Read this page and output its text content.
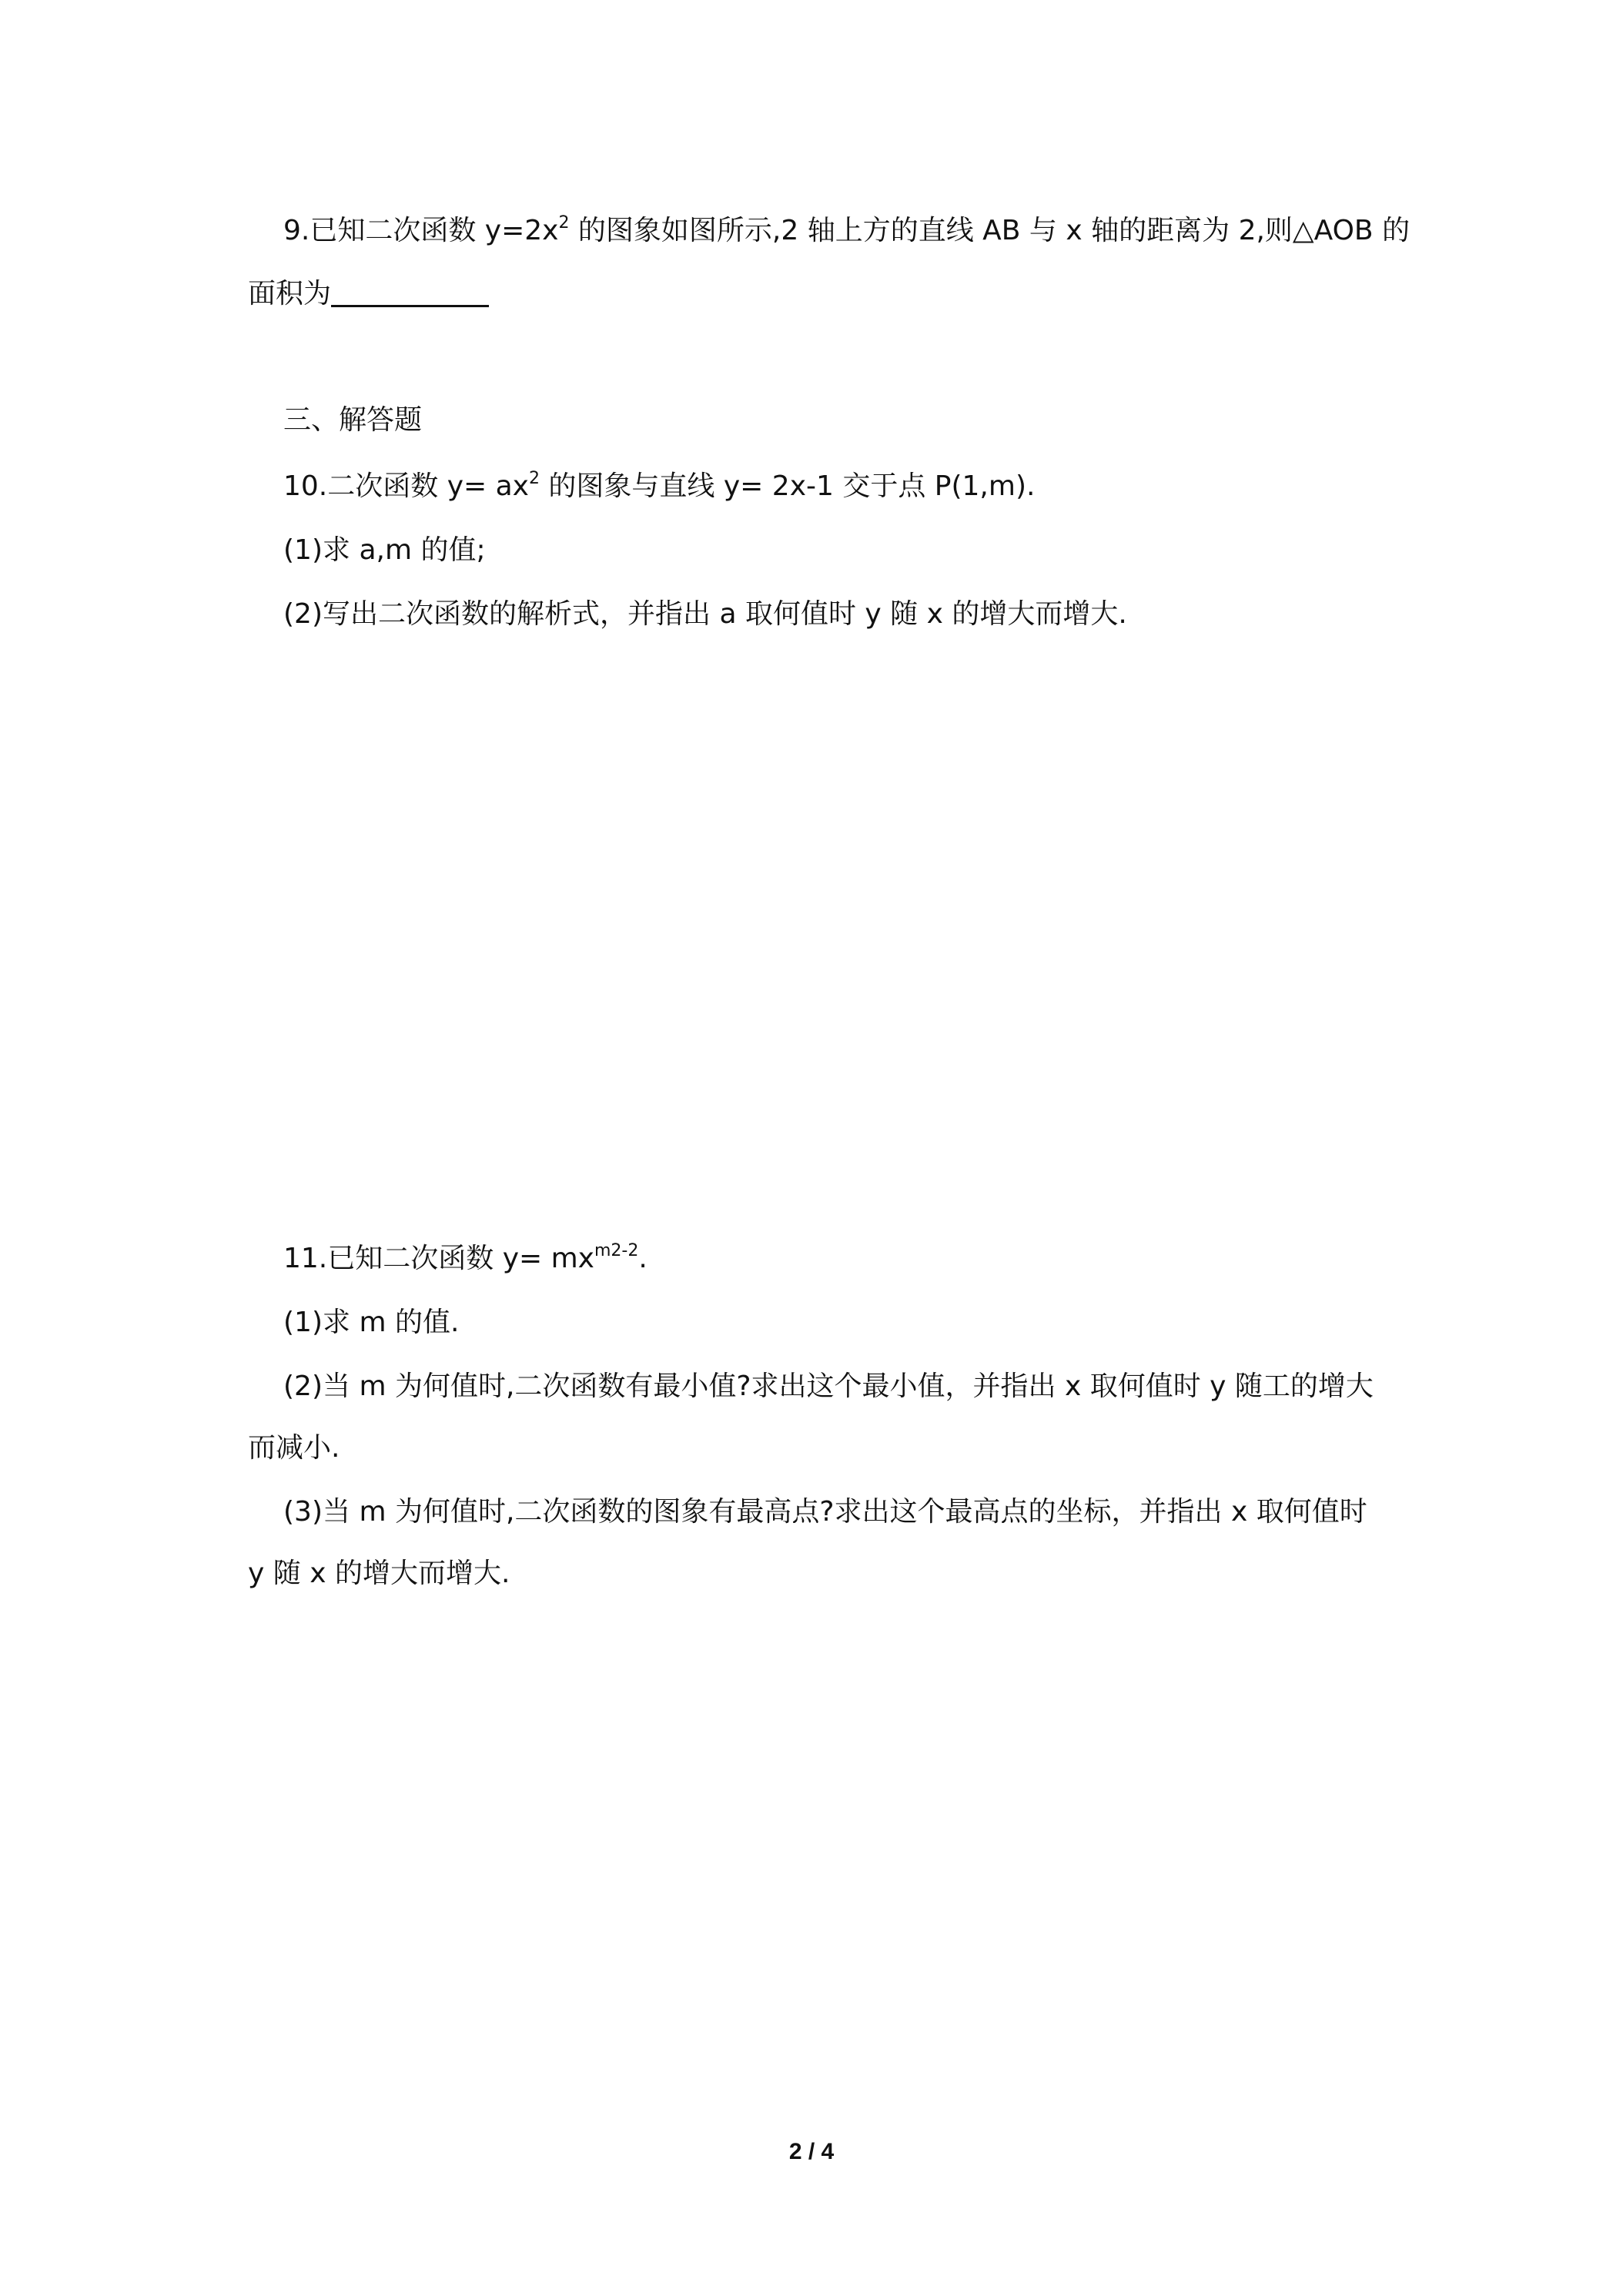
9.已知二次函数 $y=2x^2$ 的图象如图所示,2 轴上方的直线 AB 与 x 轴的距离为 2,则△AOB 的
面积为
三、解答题
10.二次函数 $y= ax^2$ 的图象与直线 y= 2x-1 交于点 P(1,m).
(1)求 a,m 的值;
(2)写出二次函数的解析式，并指出 a 取何值时 y 随 x 的增大而增大.
11.已知二次函数 $y= mx^{m2-2}$.
(1)求 m 的值.
(2)当 m 为何值时,二次函数有最小值?求出这个最小值，并指出 x 取何值时 y 随工的增大
而减小.
(3)当 m 为何值时,二次函数的图象有最高点?求出这个最高点的坐标，并指出 x 取何值时
y 随 x 的增大而增大.
2 / 4
